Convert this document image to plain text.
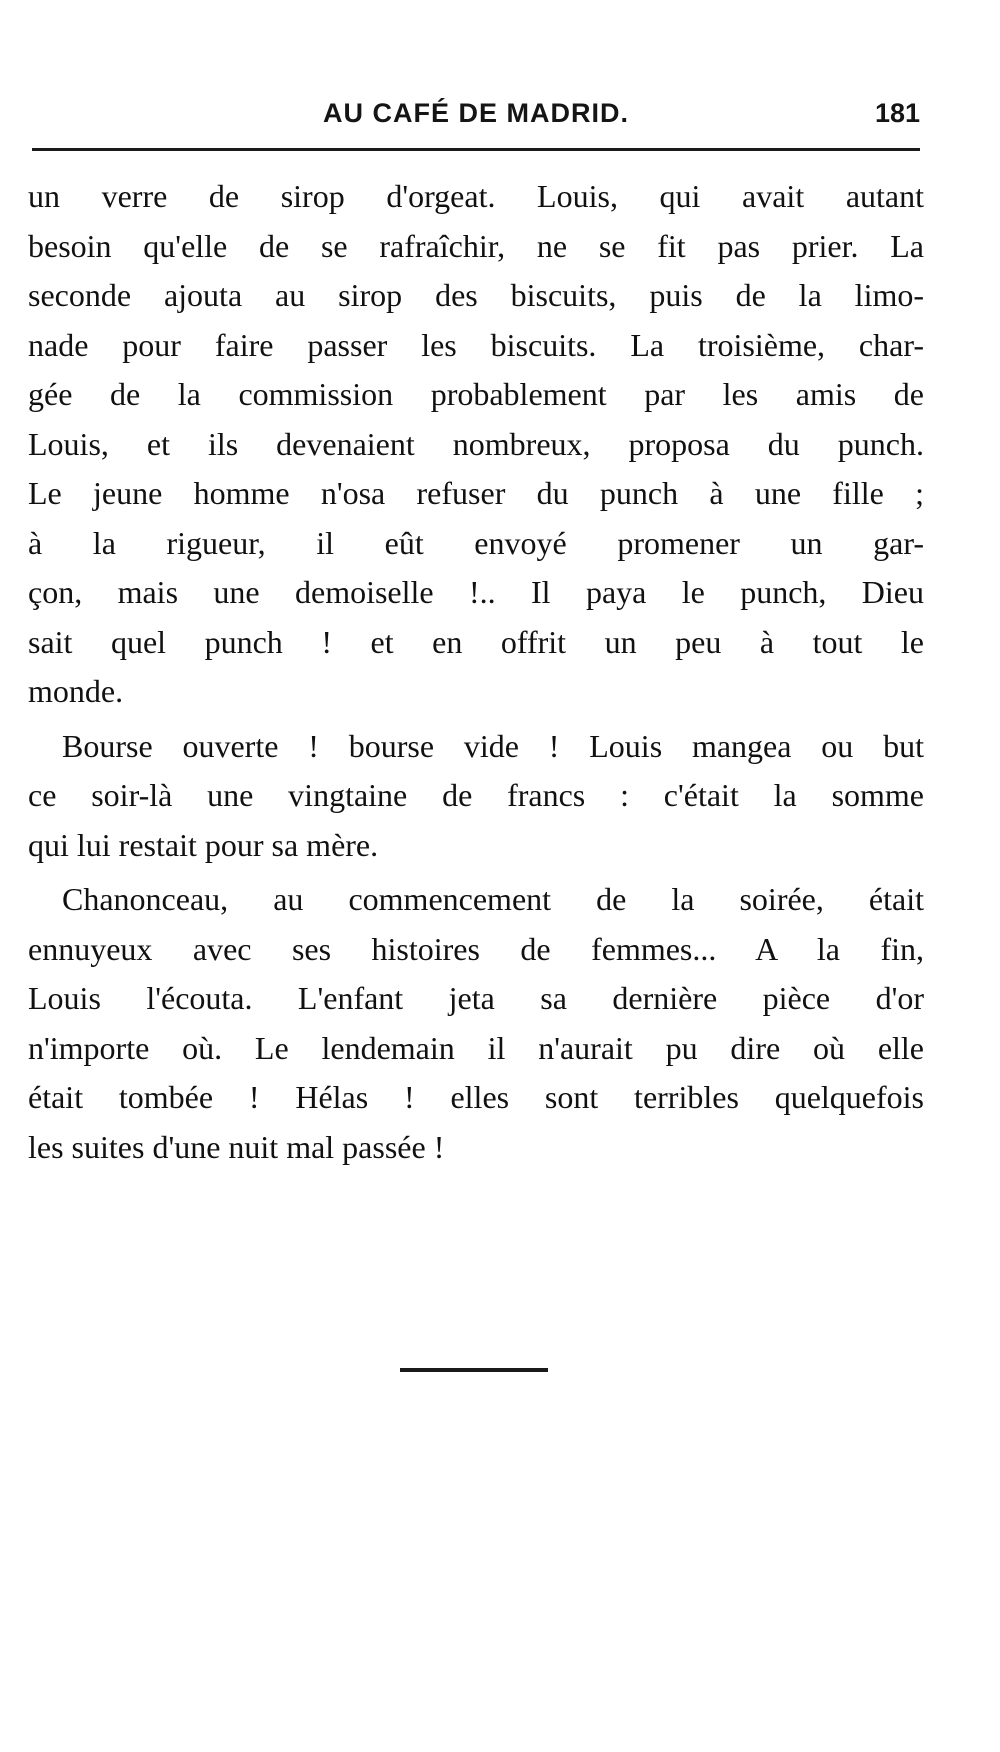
AU CAFÉ DE MADRID.	181
un verre de sirop d'orgeat. Louis, qui avait autant
besoin qu'elle de se rafraîchir, ne se fit pas prier. La
seconde ajouta au sirop des biscuits, puis de la limo-
nade pour faire passer les biscuits. La troisième, char-
gée de la commission probablement par les amis de
Louis, et ils devenaient nombreux, proposa du punch.
Le jeune homme n'osa refuser du punch à une fille ;
à la rigueur, il eût envoyé promener un gar-
çon, mais une demoiselle !.. Il paya le punch, Dieu
sait quel punch ! et en offrit un peu à tout le
monde.
Bourse ouverte ! bourse vide ! Louis mangea ou but
ce soir-là une vingtaine de francs : c'était la somme
qui lui restait pour sa mère.
Chanonceau, au commencement de la soirée, était
ennuyeux avec ses histoires de femmes... A la fin,
Louis l'écouta. L'enfant jeta sa dernière pièce d'or
n'importe où. Le lendemain il n'aurait pu dire où elle
était tombée ! Hélas ! elles sont terribles quelquefois
les suites d'une nuit mal passée !
